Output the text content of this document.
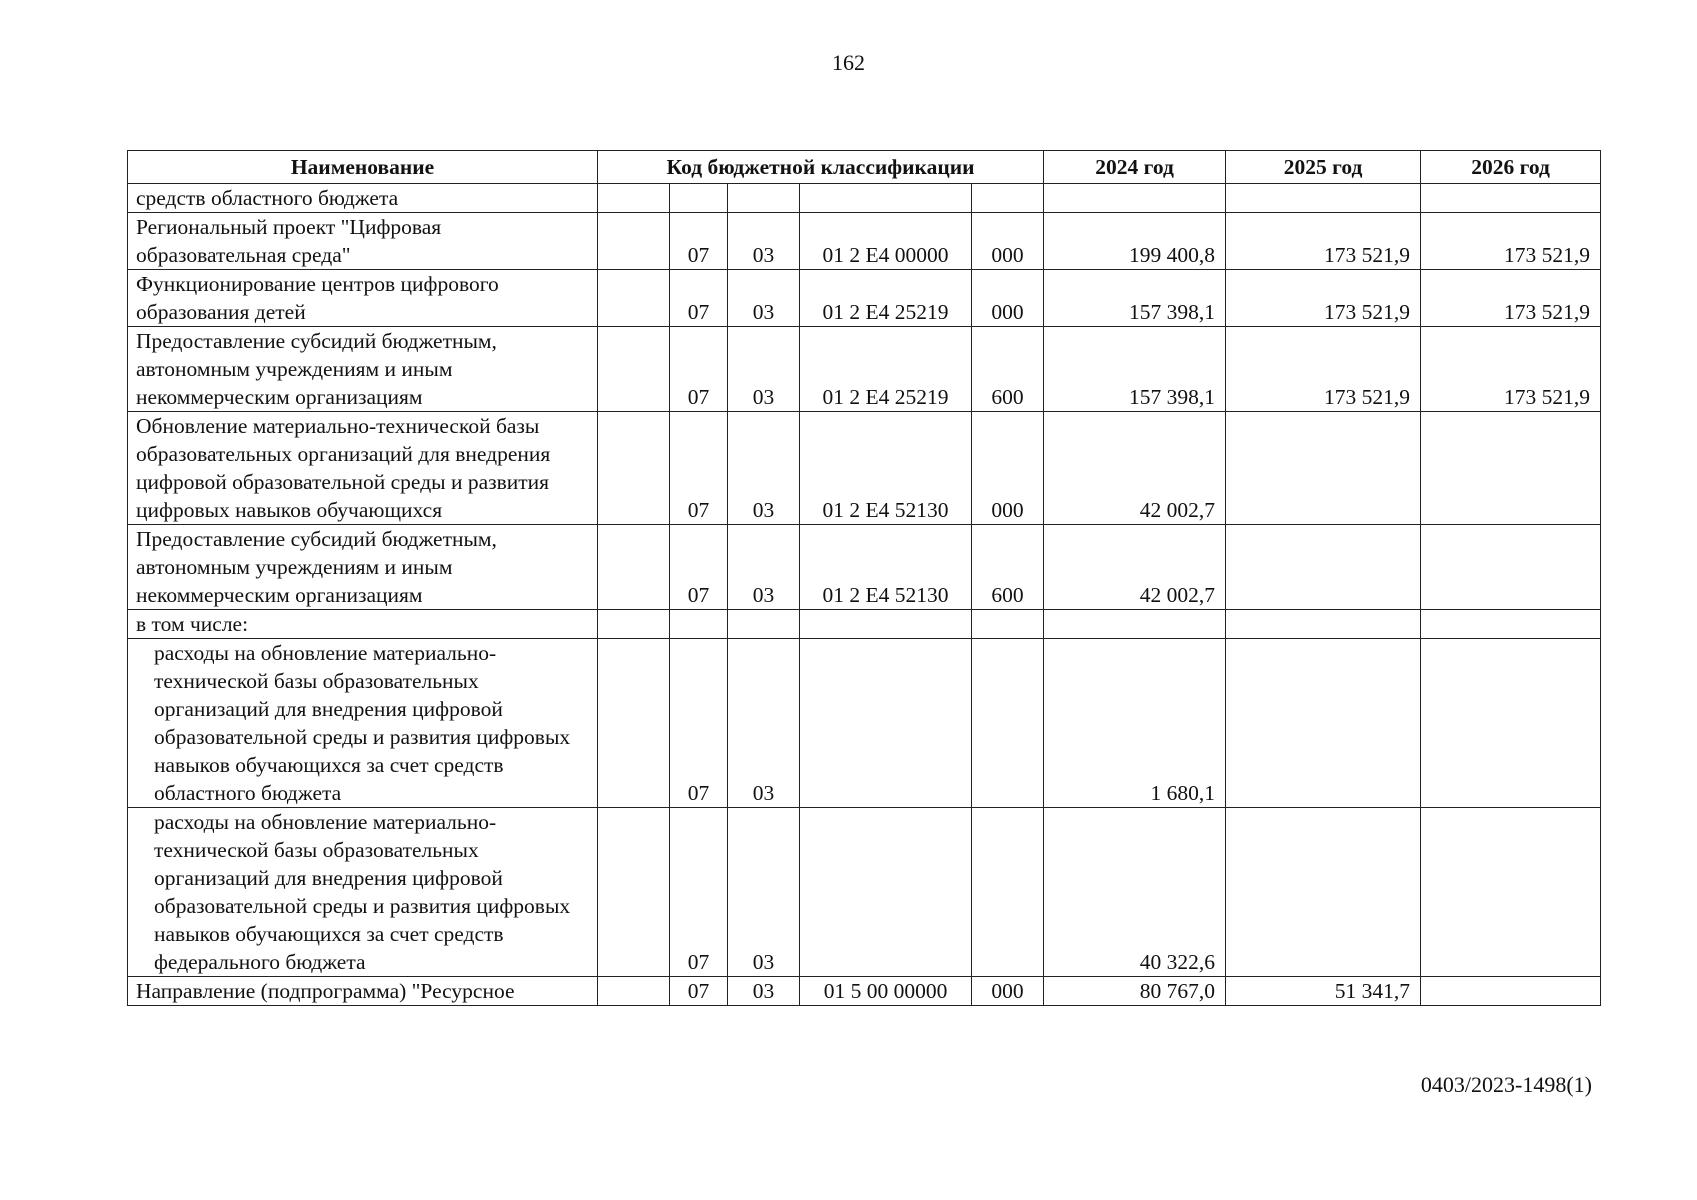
162
Наименование	Код бюджетной классификации					2024 год	2025 год	2026 год
средств областного бюджета								
Региональный проект "Цифровая образовательная среда"		07	03	01 2 E4 00000	000	199 400,8	173 521,9	173 521,9
Функционирование центров цифрового образования детей		07	03	01 2 E4 25219	000	157 398,1	173 521,9	173 521,9
Предоставление субсидий бюджетным, автономным учреждениям и иным некоммерческим организациям		07	03	01 2 E4 25219	600	157 398,1	173 521,9	173 521,9
Обновление материально-технической базы образовательных организаций для внедрения цифровой образовательной среды и развития цифровых навыков обучающихся		07	03	01 2 E4 52130	000	42 002,7		
Предоставление субсидий бюджетным, автономным учреждениям и иным некоммерческим организациям		07	03	01 2 E4 52130	600	42 002,7		
в том числе:								
расходы на обновление материально-технической базы образовательных организаций для внедрения цифровой образовательной среды и развития цифровых навыков обучающихся за счет средств областного бюджета		07	03			1 680,1		
расходы на обновление материально-технической базы образовательных организаций для внедрения цифровой образовательной среды и развития цифровых навыков обучающихся за счет средств федерального бюджета		07	03			40 322,6		
Направление (подпрограмма) "Ресурсное		07	03	01 5 00 00000	000	80 767,0	51 341,7	
0403/2023-1498(1)
